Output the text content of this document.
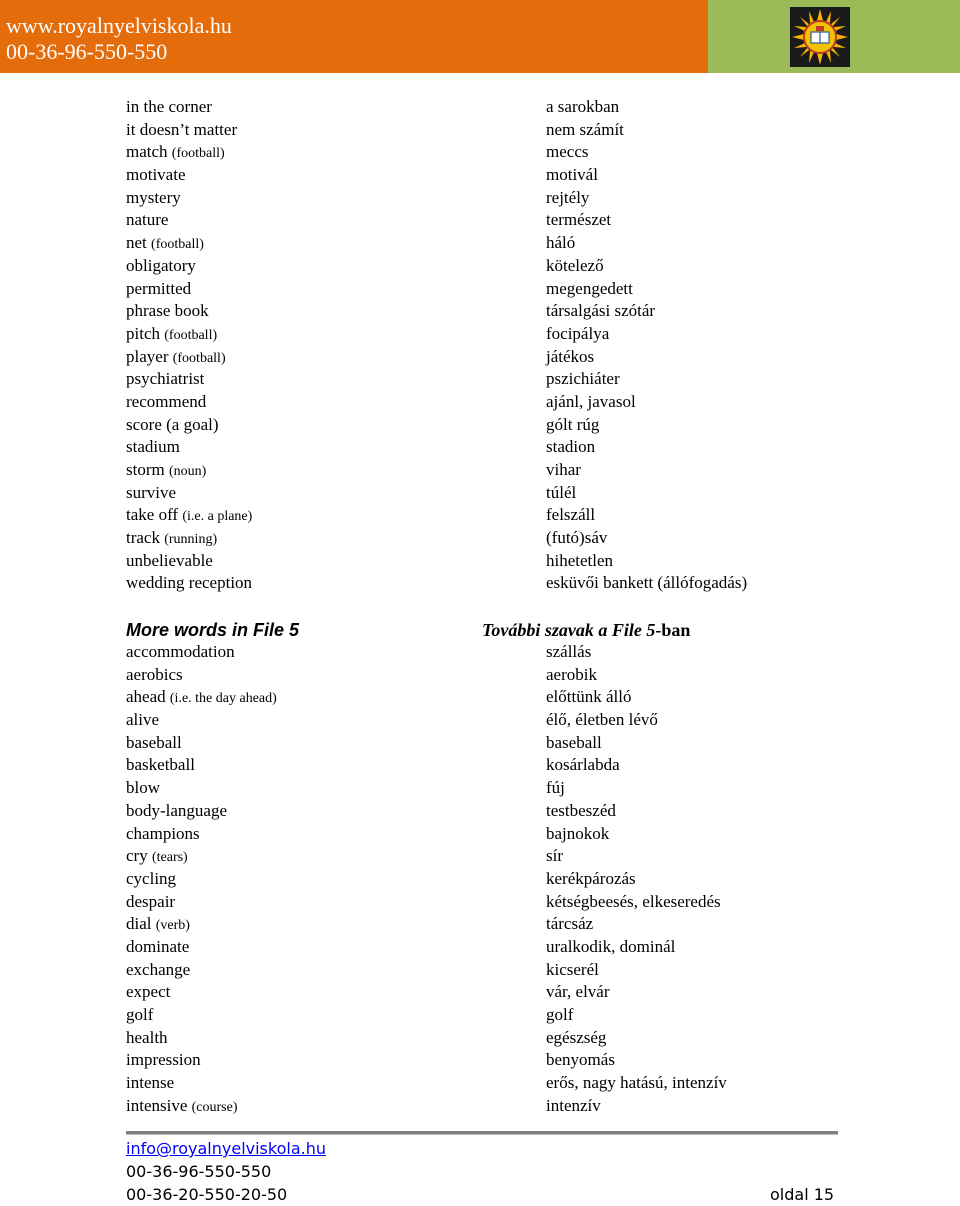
www.royalnyelviskola.hu
00-36-96-550-550
in the corner
it doesn’t matter
match (football)
motivate
mystery
nature
net (football)
obligatory
permitted
phrase book
pitch (football)
player (football)
psychiatrist
recommend
score (a goal)
stadium
storm (noun)
survive
take off (i.e. a plane)
track (running)
unbelievable
wedding reception
a sarokban
nem számít
meccs
motivál
rejtély
természet
háló
kötelező
megengedett
társalgási szótár
focipálya
játékos
pszichiáter
ajánl, javasol
gólt rúg
stadion
vihar
túlél
felszáll
(futó)sáv
hihetetlen
esküvői bankett (állófogadás)
More words in File 5	További szavak a File 5-ban
accommodation
aerobics
ahead (i.e. the day ahead)
alive
baseball
basketball
blow
body-language
champions
cry (tears)
cycling
despair
dial (verb)
dominate
exchange
expect
golf
health
impression
intense
intensive (course)
szállás
aerobik
előttünk álló
élő, életben lévő
baseball
kosárlabda
fúj
testbeszéd
bajnokok
sír
kerékpározás
kétségbeesés, elkeseredés
tárcsáz
uralkodik, dominál
kicserél
vár, elvár
golf
egészség
benyomás
erős, nagy hatású, intenzív
intenzív
info@royalnyelviskola.hu
00-36-96-550-550
00-36-20-550-20-50	oldal 15
